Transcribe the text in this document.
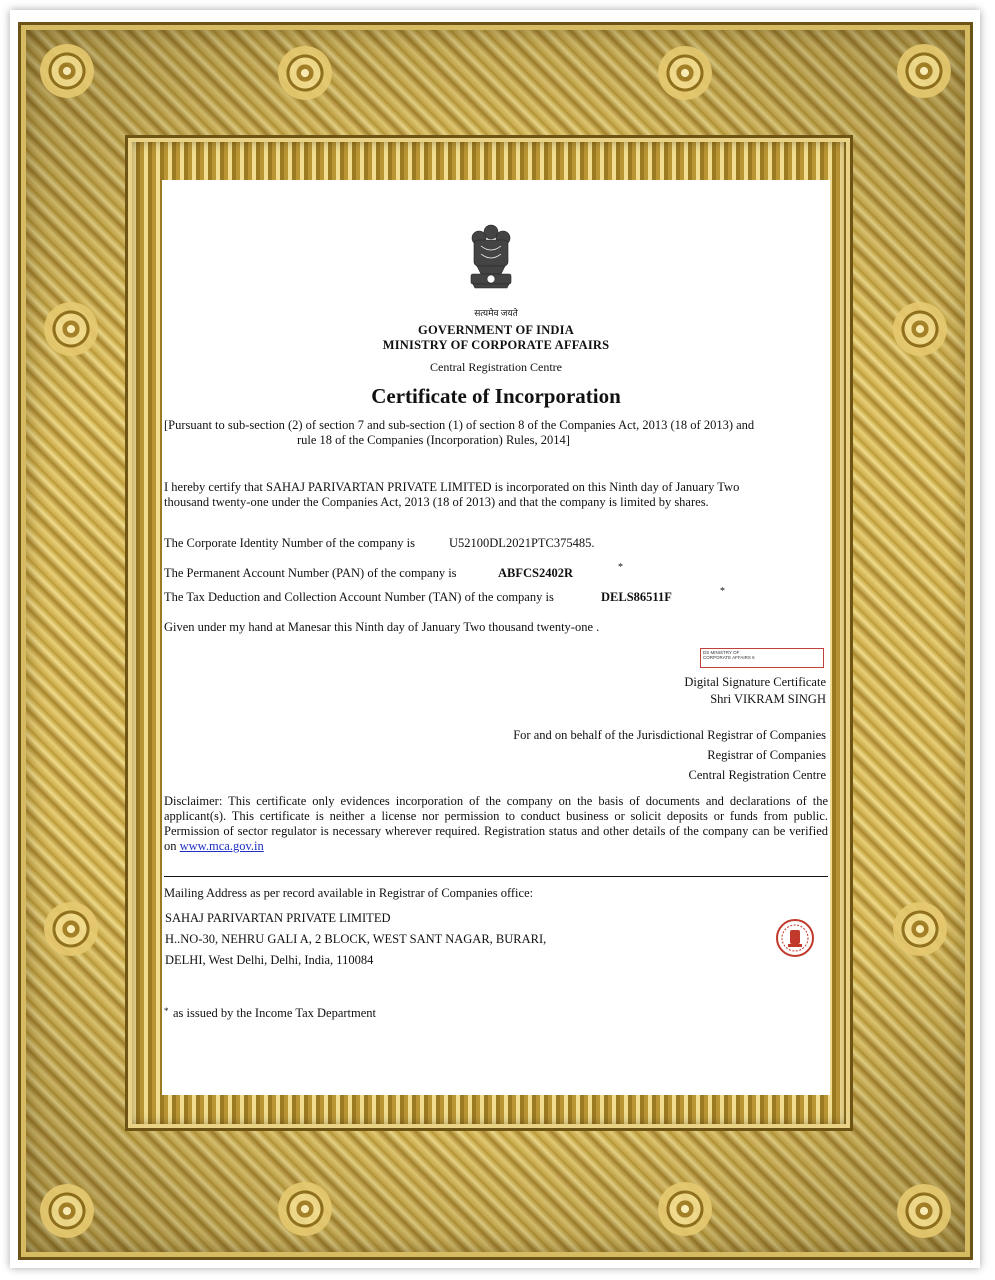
सत्यमेव जयते
GOVERNMENT OF INDIA
MINISTRY OF CORPORATE AFFAIRS
Central Registration Centre
Certificate of Incorporation
[Pursuant to sub-section (2) of section 7 and sub-section (1) of section 8 of the Companies Act, 2013 (18 of 2013) and
rule 18 of the Companies (Incorporation) Rules, 2014]
I hereby certify that SAHAJ PARIVARTAN PRIVATE LIMITED is incorporated on this Ninth day of January Two
thousand twenty-one under the Companies Act, 2013 (18 of 2013) and that the company is limited by shares.
The Corporate Identity Number of the company is	U52100DL2021PTC375485.
The Permanent Account Number (PAN) of the company is	ABFCS2402R	*
The Tax Deduction and Collection Account Number (TAN) of the company is	DELS86511F	*
Given under my hand at Manesar this Ninth day of January Two thousand twenty-one .
DS MINISTRY OF
CORPORATE AFFAIRS 6
Digital Signature Certificate
Shri VIKRAM SINGH
For and on behalf of the Jurisdictional Registrar of Companies
Registrar of Companies
Central Registration Centre
Disclaimer: This certificate only evidences incorporation of the company on the basis of documents and declarations of the applicant(s). This certificate is neither a license nor permission to conduct business or solicit deposits or funds from public. Permission of sector regulator is necessary wherever required. Registration status and other details of the company can be verified on www.mca.gov.in
Mailing Address as per record available in Registrar of Companies office:
SAHAJ PARIVARTAN PRIVATE LIMITED
H..NO-30, NEHRU GALI A, 2 BLOCK, WEST SANT NAGAR, BURARI,
DELHI, West Delhi, Delhi, India, 110084
* as issued by the Income Tax Department
